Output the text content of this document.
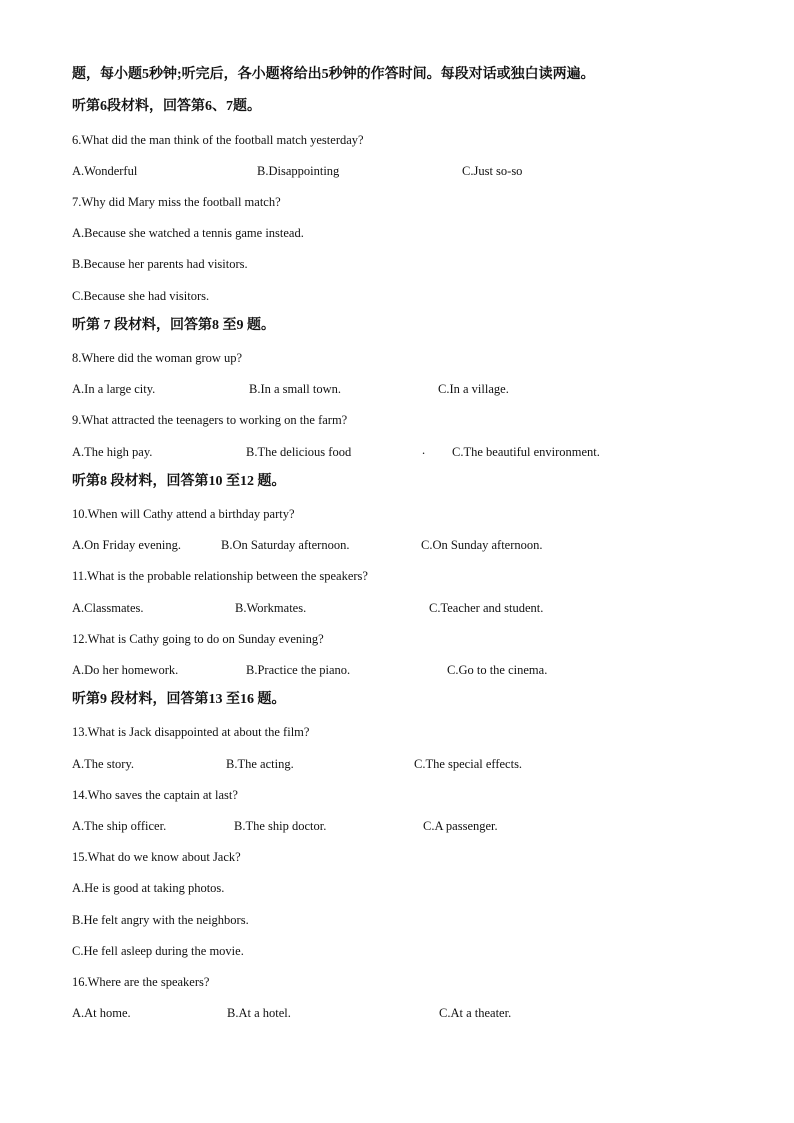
题，每小题5秒钟;听完后，各小题将给出5秒钟的作答时间。每段对话或独白读两遍。
听第6段材料，回答第6、7题。
6.What did the man think of the football match yesterday?
A.Wonderful	B.Disappointing	C.Just so-so
7.Why did Mary miss the football match?
A.Because she watched a tennis game instead.
B.Because her parents had visitors.
C.Because she had visitors.
听第 7 段材料，回答第8 至9 题。
8.Where did the woman grow up?
A.In a large city.	B.In a small town.	C.In a village.
9.What attracted the teenagers to working on the farm?
A.The high pay.	B.The delicious food	. C.The beautiful environment.
听第8 段材料，回答第10 至12 题。
10.When will Cathy attend a birthday party?
A.On Friday evening.	B.On Saturday afternoon.	C.On Sunday afternoon.
11.What is the probable relationship between the speakers?
A.Classmates.	B.Workmates.	C.Teacher and student.
12.What is Cathy going to do on Sunday evening?
A.Do her homework.	B.Practice the piano.	C.Go to the cinema.
听第9 段材料，回答第13 至16 题。
13.What is Jack disappointed at about the film?
A.The story.	B.The acting.	C.The special effects.
14.Who saves the captain at last?
A.The ship officer.	B.The ship doctor.	C.A passenger.
15.What do we know about Jack?
A.He is good at taking photos.
B.He felt angry with the neighbors.
C.He fell asleep during the movie.
16.Where are the speakers?
A.At home.	B.At a hotel.	C.At a theater.
